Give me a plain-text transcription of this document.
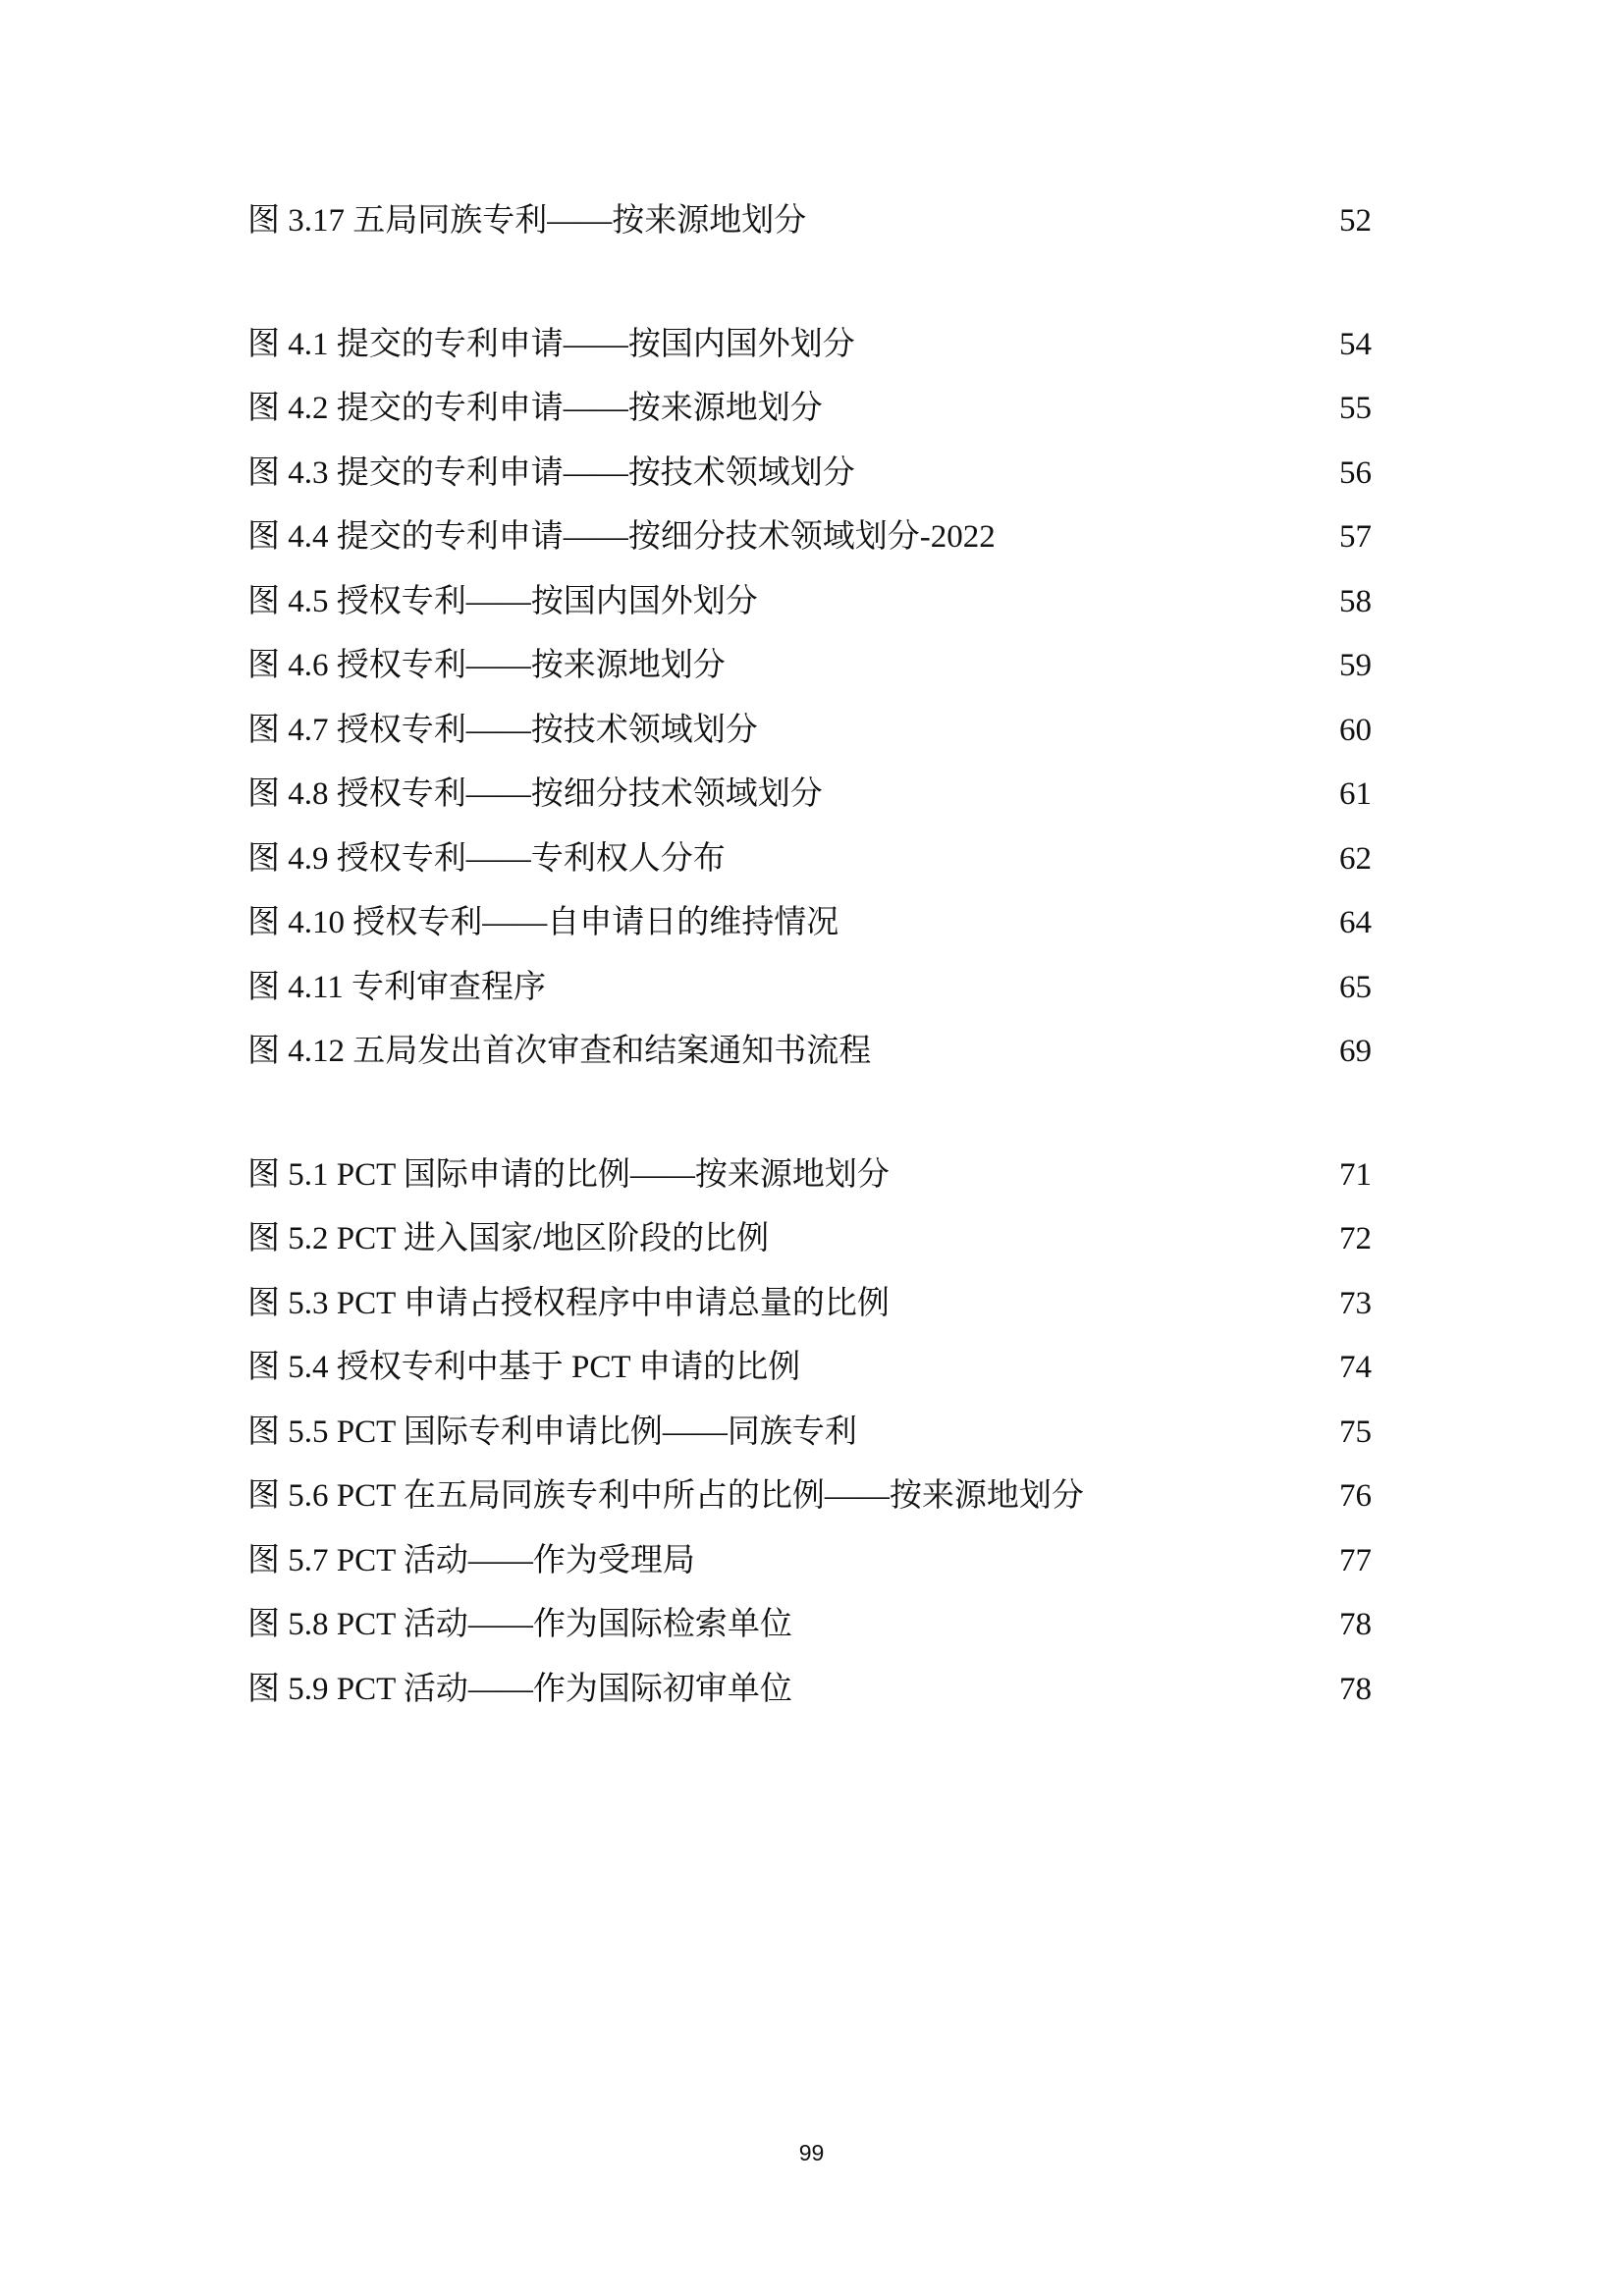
图 3.17 五局同族专利——按来源地划分	52
图 4.1 提交的专利申请——按国内国外划分	54
图 4.2 提交的专利申请——按来源地划分	55
图 4.3 提交的专利申请——按技术领域划分	56
图 4.4 提交的专利申请——按细分技术领域划分-2022	57
图 4.5 授权专利——按国内国外划分	58
图 4.6 授权专利——按来源地划分	59
图 4.7 授权专利——按技术领域划分	60
图 4.8 授权专利——按细分技术领域划分	61
图 4.9 授权专利——专利权人分布	62
图 4.10 授权专利——自申请日的维持情况	64
图 4.11 专利审查程序	65
图 4.12 五局发出首次审查和结案通知书流程	69
图 5.1 PCT 国际申请的比例——按来源地划分	71
图 5.2 PCT 进入国家/地区阶段的比例	72
图 5.3 PCT 申请占授权程序中申请总量的比例	73
图 5.4 授权专利中基于 PCT 申请的比例	74
图 5.5 PCT 国际专利申请比例——同族专利	75
图 5.6 PCT 在五局同族专利中所占的比例——按来源地划分	76
图 5.7 PCT 活动——作为受理局	77
图 5.8 PCT 活动——作为国际检索单位	78
图 5.9 PCT 活动——作为国际初审单位	78
99
